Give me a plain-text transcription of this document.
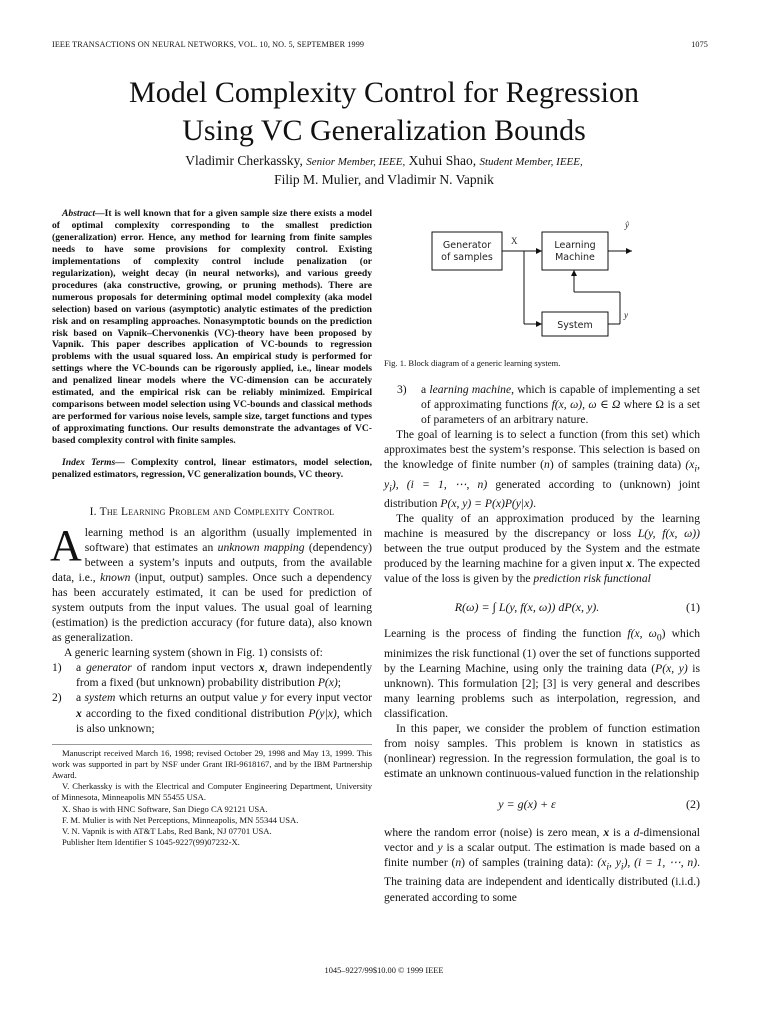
IEEE TRANSACTIONS ON NEURAL NETWORKS, VOL. 10, NO. 5, SEPTEMBER 1999	1075
Model Complexity Control for Regression
Using VC Generalization Bounds
Vladimir Cherkassky, Senior Member, IEEE, Xuhui Shao, Student Member, IEEE,
Filip M. Mulier, and Vladimir N. Vapnik

Abstract—It is well known that for a given sample size there exists a model of optimal complexity corresponding to the smallest prediction (generalization) error. Hence, any method for learning from finite samples needs to have some provisions for complexity control. Existing implementations of complexity control include penalization (or regularization), weight decay (in neural networks), and various greedy procedures (aka constructive, growing, or pruning methods). There are numerous proposals for determining optimal model complexity (aka model selection) based on various (asymptotic) analytic estimates of the prediction risk and on resampling approaches. Nonasymptotic bounds on the prediction risk based on Vapnik–Chervonenkis (VC)-theory have been proposed by Vapnik. This paper describes application of VC-bounds to regression problems with the usual squared loss. An empirical study is performed for settings where the VC-bounds can be rigorously applied, i.e., linear models and penalized linear models where the VC-dimension can be accurately estimated, and the empirical risk can be reliably minimized. Empirical comparisons between model selection using VC-bounds and classical methods are performed for various noise levels, sample size, target functions and types of approximating functions. Our results demonstrate the advantages of VC-based complexity control with finite samples.

Index Terms— Complexity control, linear estimators, model selection, penalized estimators, regression, VC generalization bounds, VC theory.

I. The Learning Problem and Complexity Control

A learning method is an algorithm (usually implemented in software) that estimates an unknown mapping (dependency) between a system’s inputs and outputs, from the available data, i.e., known (input, output) samples. Once such a dependency has been accurately estimated, it can be used for prediction of system outputs from the input values. The usual goal of learning (estimation) is the prediction accuracy (for future data), also known as generalization.

A generic learning system (shown in Fig. 1) consists of:

1)	a generator of random input vectors x, drawn independently from a fixed (but unknown) probability distribution P(x);
2)	a system which returns an output value y for every input vector x according to the fixed conditional distribution P(y|x), which is also unknown;

Manuscript received March 16, 1998; revised October 29, 1998 and May 13, 1999. This work was supported in part by NSF under Grant IRI-9618167, and by the IBM Partnership Award.

V. Cherkassky is with the Electrical and Computer Engineering Department, University of Minnesota, Minneapolis MN 55455 USA.

X. Shao is with HNC Software, San Diego CA 92121 USA.

F. M. Mulier is with Net Perceptions, Minneapolis, MN 55344 USA.

V. N. Vapnik is with AT&T Labs, Red Bank, NJ 07701 USA.

Publisher Item Identifier S 1045-9227(99)07232-X.

Generator
of samples
Learning
Machine
System
X
ŷ
y
Fig. 1. Block diagram of a generic learning system.
3)	a learning machine, which is capable of implementing a set of approximating functions f(x, ω), ω ∈ Ω where Ω is a set of parameters of an arbitrary nature.

The goal of learning is to select a function (from this set) which approximates best the system’s response. This selection is based on the knowledge of finite number (n) of samples (training data) ($x_i$, $y_i$), (i = 1, ⋯, n) generated according to (unknown) joint distribution P(x, y) = P(x)P(y|x).

The quality of an approximation produced by the learning machine is measured by the discrepancy or loss L(y, f(x, ω)) between the true output produced by the System and the estmate produced by the learning machine for a given input x. The expected value of the loss is given by the prediction risk functional

R(ω) = ∫ L(y, f(x, ω)) dP(x, y).	(1)

Learning is the process of finding the function f(x, $\omega_0$) which minimizes the risk functional (1) over the set of functions supported by the Learning Machine, using only the training data (P(x, y) is unknown). This formulation [2]; [3] is very general and describes many learning problems such as interpolation, regression, and classification.

In this paper, we consider the problem of function estimation from noisy samples. This problem is known in statistics as (nonlinear) regression. In the regression formulation, the goal is to estimate an unknown continuous-valued function in the relationship

y = g(x) + ε	(2)

where the random error (noise) is zero mean, x is a d-dimensional vector and y is a scalar output. The estimation is made based on a finite number (n) of samples (training data): ($x_i$, $y_i$), (i = 1, ⋯, n). The training data are independent and identically distributed (i.i.d.) generated according to some

1045–9227/99$10.00 © 1999 IEEE
